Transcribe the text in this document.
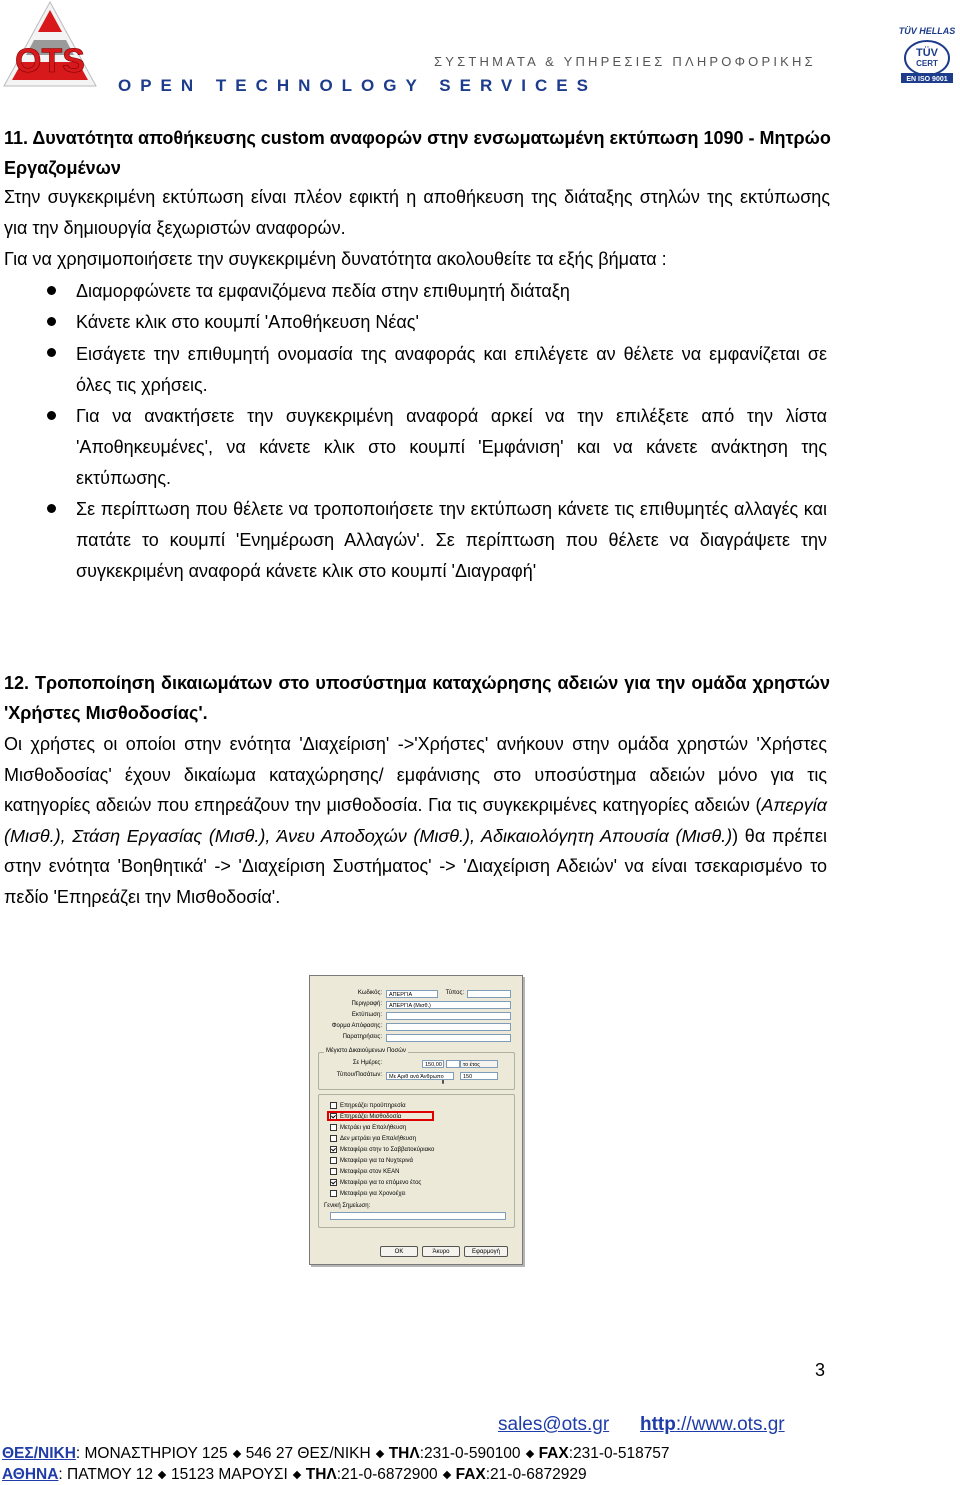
OTS	ΣΥΣΤΗΜΑΤΑ & ΥΠΗΡΕΣΙΕΣ ΠΛΗΡΟΦΟΡΙΚΗΣ
OPEN TECHNOLOGY SERVICES
TÜV HELLAS
TÜV
CERT
EN ISO 9001
11. Δυνατότητα αποθήκευσης custom αναφορών στην ενσωματωμένη εκτύπωση 1090 - Μητρώο Εργαζομένων
Στην συγκεκριμένη εκτύπωση είναι πλέον εφικτή η αποθήκευση της διάταξης στηλών της εκτύπωσης για την δημιουργία ξεχωριστών αναφορών.
Για να χρησιμοποιήσετε την συγκεκριμένη δυνατότητα ακολουθείτε τα εξής βήματα :
Διαμορφώνετε τα εμφανιζόμενα πεδία στην επιθυμητή διάταξη
Κάνετε κλικ στο κουμπί 'Αποθήκευση Νέας'
Εισάγετε την επιθυμητή ονομασία της αναφοράς και επιλέγετε αν θέλετε να εμφανίζεται σε όλες τις χρήσεις.
Για να ανακτήσετε την συγκεκριμένη αναφορά αρκεί να την επιλέξετε από την λίστα 'Αποθηκευμένες', να κάνετε κλικ στο κουμπί 'Εμφάνιση' και να κάνετε ανάκτηση της εκτύπωσης.
Σε περίπτωση που θέλετε να τροποποιήσετε την εκτύπωση κάνετε τις επιθυμητές αλλαγές και πατάτε το κουμπί 'Ενημέρωση Αλλαγών'. Σε περίπτωση που θέλετε να διαγράψετε την συγκεκριμένη αναφορά κάνετε κλικ στο κουμπί 'Διαγραφή'
12. Τροποποίηση δικαιωμάτων στο υποσύστημα καταχώρησης αδειών για την ομάδα χρηστών 'Χρήστες Μισθοδοσίας'.
Οι χρήστες οι οποίοι στην ενότητα 'Διαχείριση' ->'Χρήστες' ανήκουν στην ομάδα χρηστών 'Χρήστες Μισθοδοσίας' έχουν δικαίωμα καταχώρησης/ εμφάνισης στο υποσύστημα αδειών μόνο για τις κατηγορίες αδειών που επηρεάζουν την μισθοδοσία. Για τις συγκεκριμένες κατηγορίες αδειών (Απεργία (Μισθ.), Στάση Εργασίας (Μισθ.), Άνευ Αποδοχών (Μισθ.), Αδικαιολόγητη Απουσία (Μισθ.)) θα πρέπει στην ενότητα 'Βοηθητικά' -> 'Διαχείριση Συστήματος' -> 'Διαχείριση Αδειών' να είναι τσεκαρισμένο το πεδίο 'Επηρεάζει την Μισθοδοσία'.
Κωδικός:	ΑΠΕΡΓΙΑ	Τύπος:
Περιγραφή:	ΑΠΕΡΓΙΑ (Μισθ.)
Εκτύπωση:
Φορμα Απόφασης:
Παρατηρήσεις:
Μέγιστο Δικαιούμενων Ποσών
Σε Ημέρες:	150,00	το έτος
Τύπου/Ποσάτων:	Με Αριθ ανά Άνθρωπο	150
Επηρεάζει προϋπηρεσία
Επηρεάζει Μισθοδοσία
Μετράει για Επαλήθευση
Δεν μετράει για Επαλήθευση
Μεταφέρει στην το Σαββατοκύριακο
Μεταφέρει για τα Νυχτερινά
Μεταφέρει στον ΚΕΑΝ
Μεταφέρει για το επόμενο έτος
Μεταφέρει για Χρονοέχει
Γενική Σημείωση:
OK	Άκυρο	Εφαρμογή
3
sales@ots.gr http://www.ots.gr
ΘΕΣ/ΝΙΚΗ: ΜΟΝΑΣΤΗΡΙΟΥ 125 546 27 ΘΕΣ/ΝΙΚΗ ΤΗΛ:231-0-590100 FAX:231-0-518757
ΑΘΗΝΑ: ΠΑΤΜΟΥ 12 15123 ΜΑΡΟΥΣΙ ΤΗΛ:21-0-6872900 FAX:21-0-6872929
